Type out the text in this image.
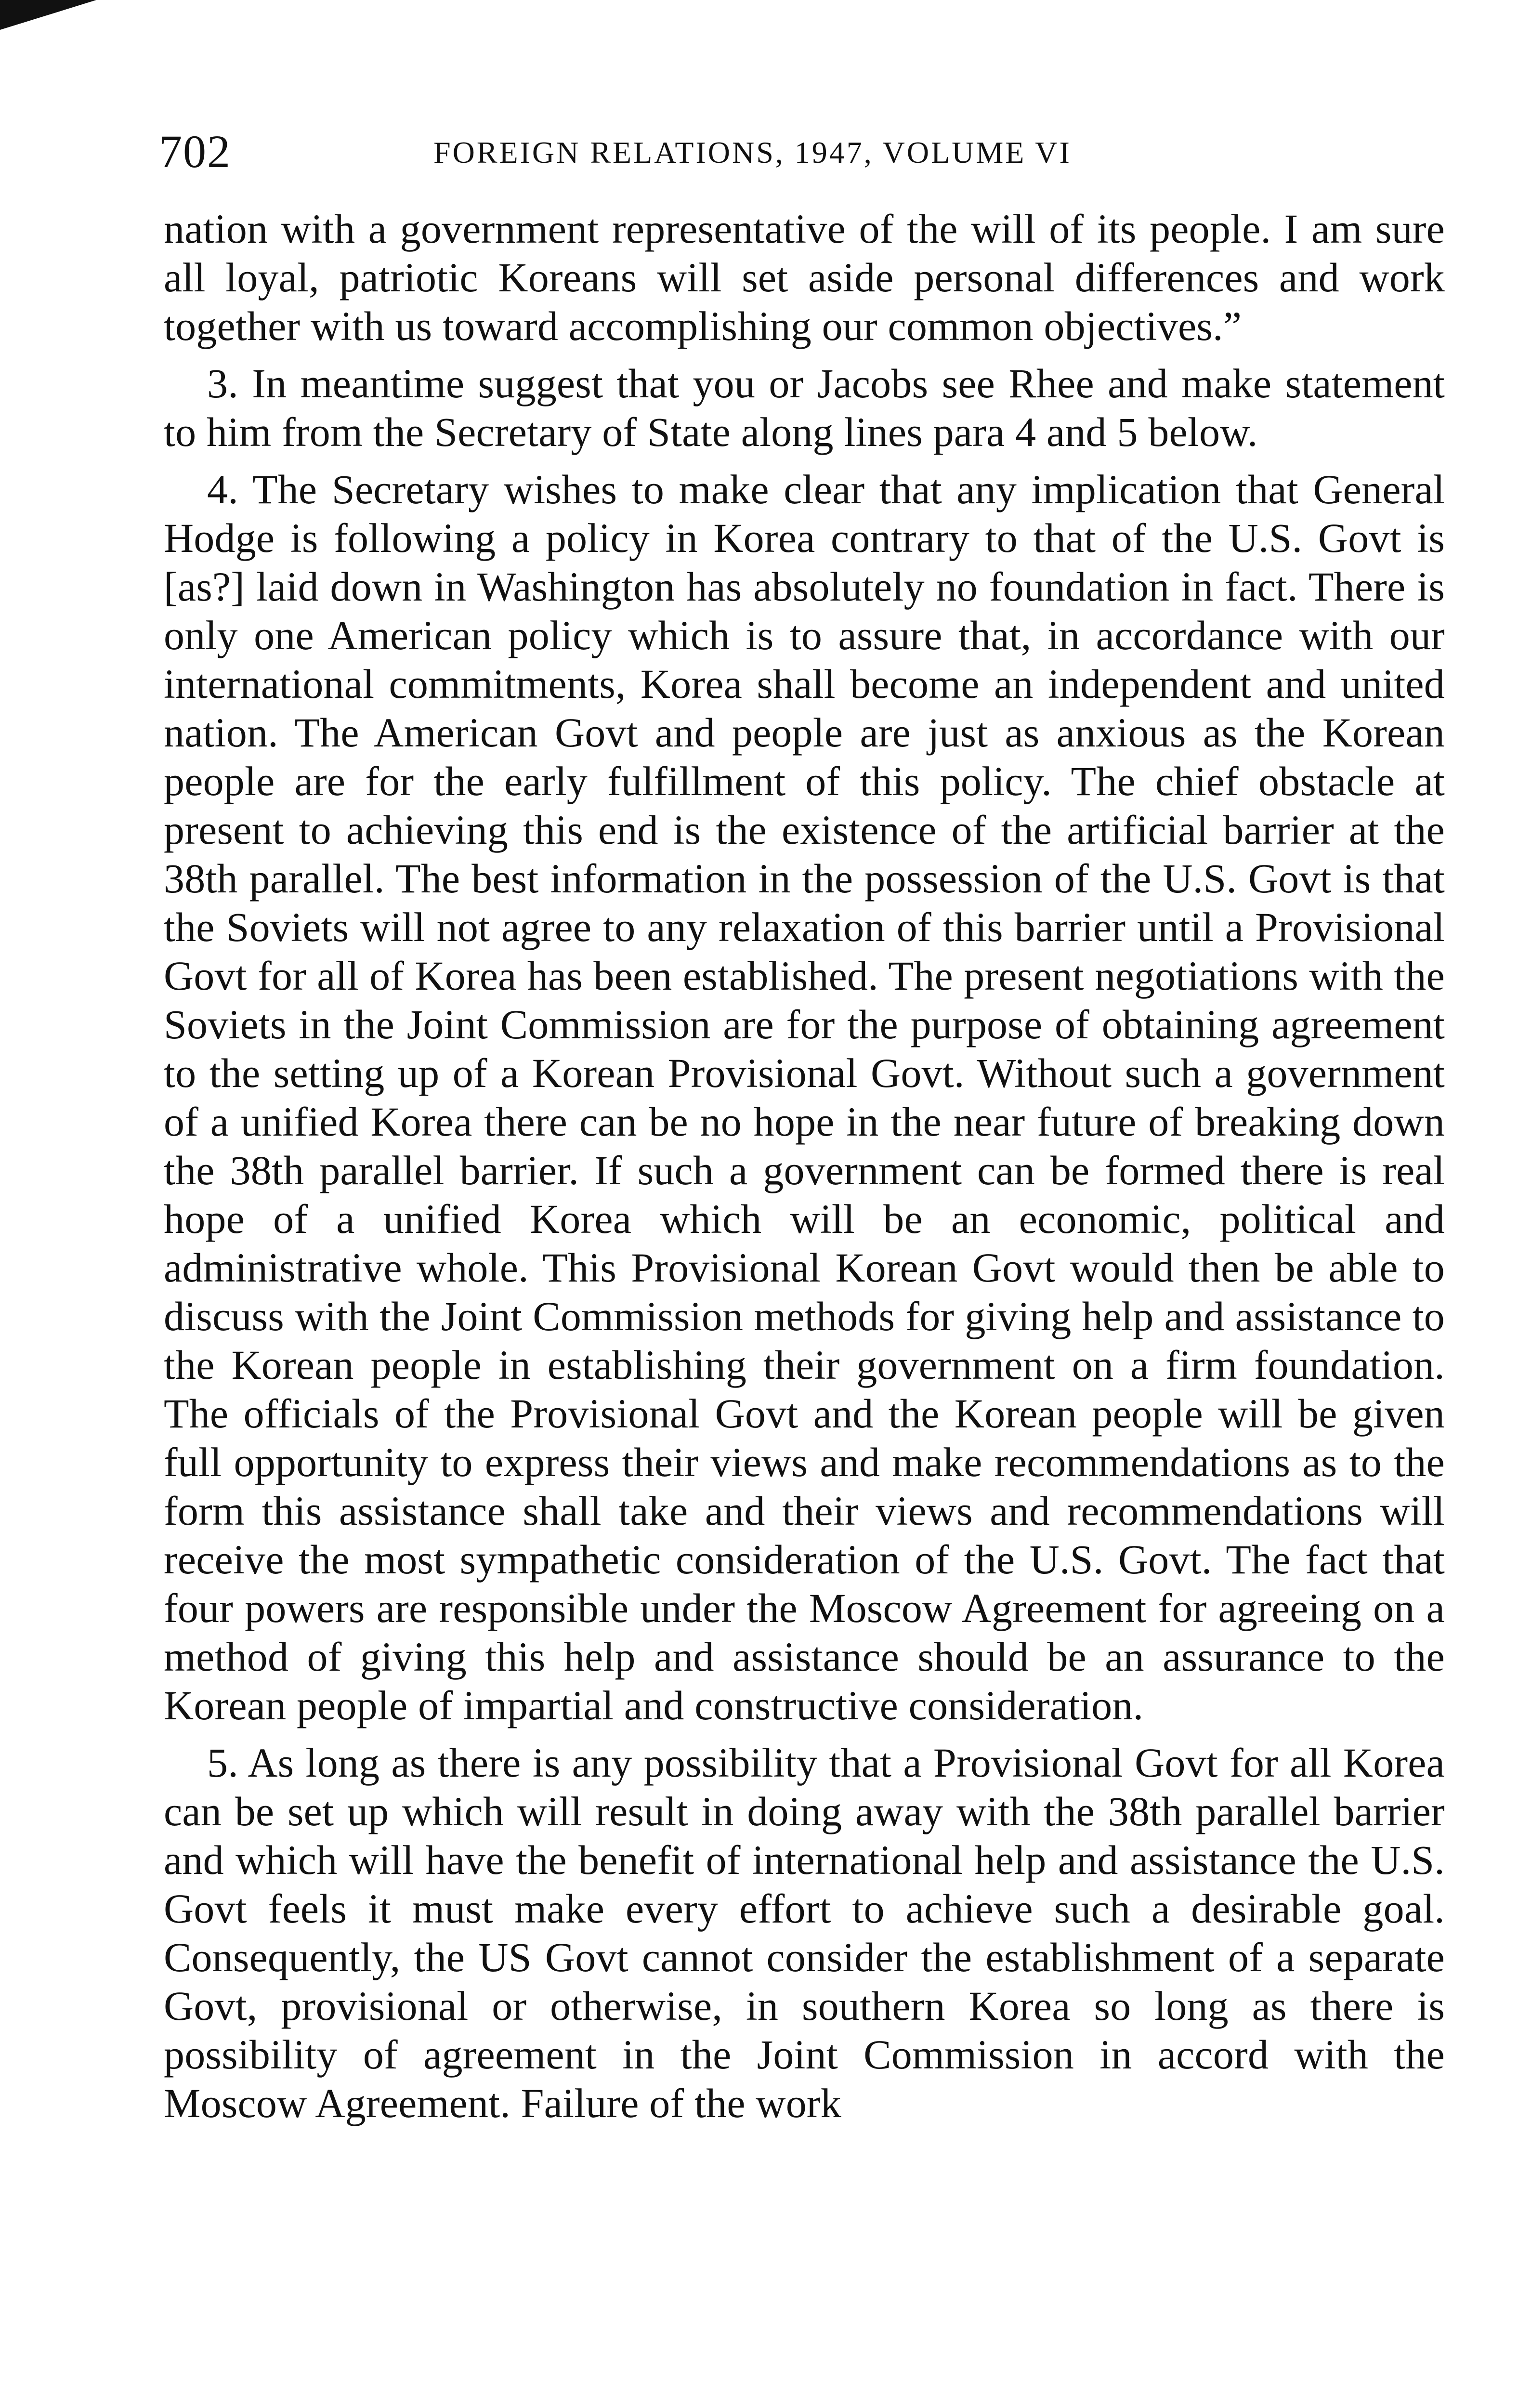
702	FOREIGN RELATIONS, 1947, VOLUME VI

nation with a government representative of the will of its people. I am sure all loyal, patriotic Koreans will set aside personal differences and work together with us toward accomplishing our common objectives.”

3. In meantime suggest that you or Jacobs see Rhee and make statement to him from the Secretary of State along lines para 4 and 5 below.

4. The Secretary wishes to make clear that any implication that General Hodge is following a policy in Korea contrary to that of the U.S. Govt is [as?] laid down in Washington has absolutely no foundation in fact. There is only one American policy which is to assure that, in accordance with our international commitments, Korea shall become an independent and united nation. The American Govt and people are just as anxious as the Korean people are for the early fulfillment of this policy. The chief obstacle at present to achieving this end is the existence of the artificial barrier at the 38th parallel. The best information in the possession of the U.S. Govt is that the Soviets will not agree to any relaxation of this barrier until a Provisional Govt for all of Korea has been established. The present negotiations with the Soviets in the Joint Commission are for the purpose of obtaining agreement to the setting up of a Korean Provisional Govt. Without such a government of a unified Korea there can be no hope in the near future of breaking down the 38th parallel barrier. If such a government can be formed there is real hope of a unified Korea which will be an economic, political and administrative whole. This Provisional Korean Govt would then be able to discuss with the Joint Commission methods for giving help and assistance to the Korean people in establishing their government on a firm foundation. The officials of the Provisional Govt and the Korean people will be given full opportunity to express their views and make recommendations as to the form this assistance shall take and their views and recommendations will receive the most sympathetic consideration of the U.S. Govt. The fact that four powers are responsible under the Moscow Agreement for agreeing on a method of giving this help and assistance should be an assurance to the Korean people of impartial and constructive consideration.

5. As long as there is any possibility that a Provisional Govt for all Korea can be set up which will result in doing away with the 38th parallel barrier and which will have the benefit of international help and assistance the U.S. Govt feels it must make every effort to achieve such a desirable goal. Consequently, the US Govt cannot consider the establishment of a separate Govt, provisional or otherwise, in southern Korea so long as there is possibility of agreement in the Joint Commission in accord with the Moscow Agreement. Failure of the work
